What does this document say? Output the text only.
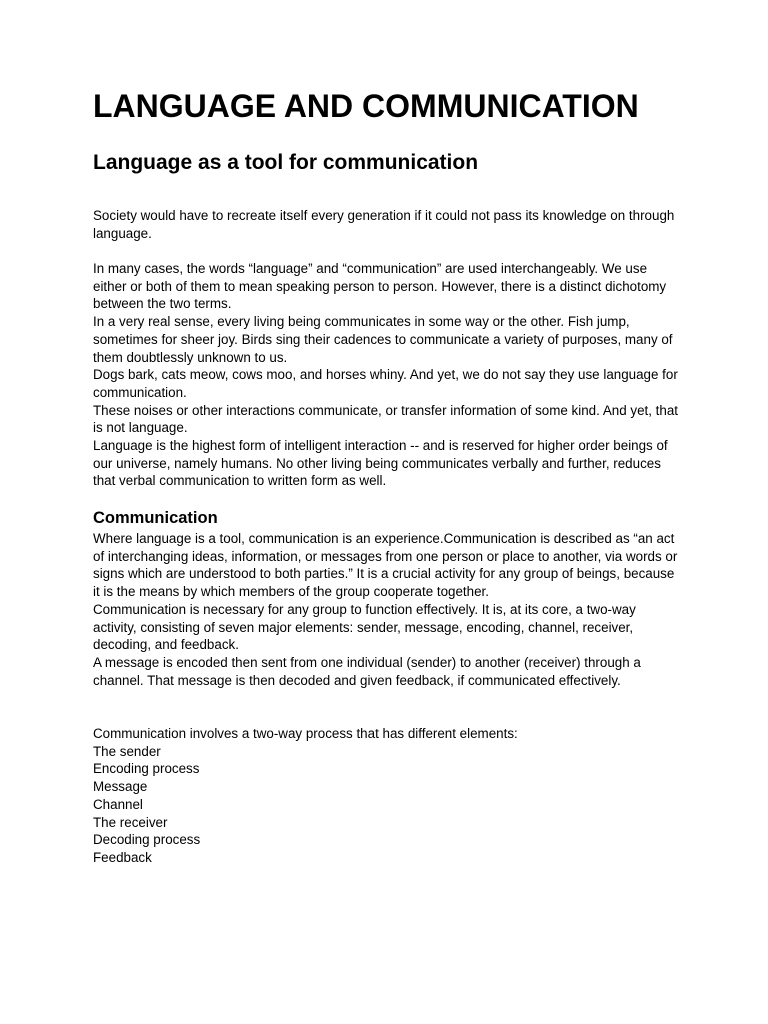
LANGUAGE AND COMMUNICATION
Language as a tool for communication

Society would have to recreate itself every generation if it could not pass its knowledge on through language.

In many cases, the words “language” and “communication” are used interchangeably. We use either or both of them to mean speaking person to person. However, there is a distinct dichotomy between the two terms.

In a very real sense, every living being communicates in some way or the other. Fish jump, sometimes for sheer joy. Birds sing their cadences to communicate a variety of purposes, many of them doubtlessly unknown to us.

Dogs bark, cats meow, cows moo, and horses whiny. And yet, we do not say they use language for communication.

These noises or other interactions communicate, or transfer information of some kind. And yet, that is not language.

Language is the highest form of intelligent interaction -- and is reserved for higher order beings of our universe, namely humans. No other living being communicates verbally and further, reduces that verbal communication to written form as well.

Communication

Where language is a tool, communication is an experience.Communication is described as “an act of interchanging ideas, information, or messages from one person or place to another, via words or signs which are understood to both parties.” It is a crucial activity for any group of beings, because it is the means by which members of the group cooperate together.

Communication is necessary for any group to function effectively. It is, at its core, a two-way activity, consisting of seven major elements: sender, message, encoding, channel, receiver, decoding, and feedback.

A message is encoded then sent from one individual (sender) to another (receiver) through a channel. That message is then decoded and given feedback, if communicated effectively.

Communication involves a two-way process that has different elements:

The sender
Encoding process
Message
Channel
The receiver
Decoding process
Feedback
